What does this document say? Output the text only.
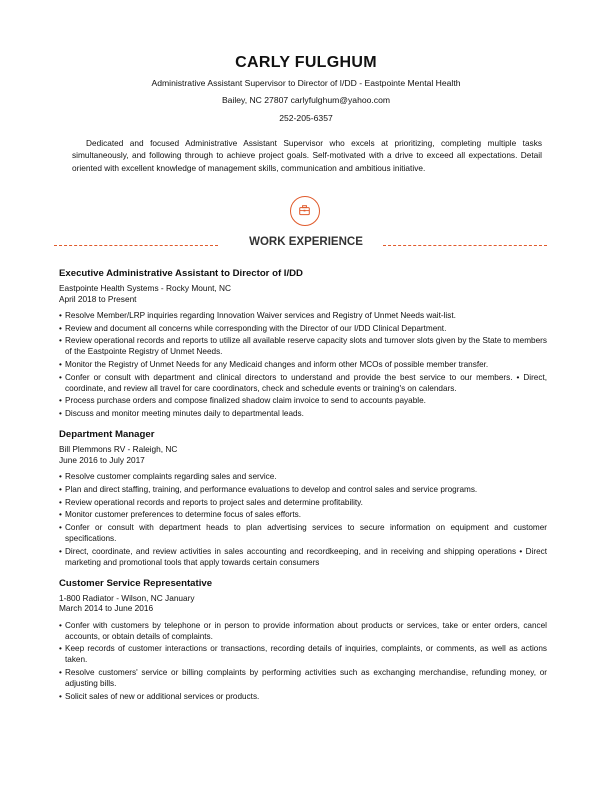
CARLY FULGHUM
Administrative Assistant Supervisor to Director of I/DD - Eastpointe Mental Health
Bailey, NC 27807 carlyfulghum@yahoo.com
252-205-6357
Dedicated and focused Administrative Assistant Supervisor who excels at prioritizing, completing multiple tasks simultaneously, and following through to achieve project goals. Self-motivated with a drive to exceed all expectations. Detail oriented with excellent knowledge of management skills, communication and ambitious initiative.
WORK EXPERIENCE
Executive Administrative Assistant to Director of I/DD
Eastpointe Health Systems - Rocky Mount, NC
April 2018 to Present
• Resolve Member/LRP inquiries regarding Innovation Waiver services and Registry of Unmet Needs wait-list.
• Review and document all concerns while corresponding with the Director of our I/DD Clinical Department.
• Review operational records and reports to utilize all available reserve capacity slots and turnover slots given by the State to members of the Eastpointe Registry of Unmet Needs.
• Monitor the Registry of Unmet Needs for any Medicaid changes and inform other MCOs of possible member transfer.
• Confer or consult with department and clinical directors to understand and provide the best service to our members. • Direct, coordinate, and review all travel for care coordinators, check and schedule events or training's on calendars.
• Process purchase orders and compose finalized shadow claim invoice to send to accounts payable.
• Discuss and monitor meeting minutes daily to departmental leads.
Department Manager
Bill Plemmons RV - Raleigh, NC
June 2016 to July 2017
• Resolve customer complaints regarding sales and service.
• Plan and direct staffing, training, and performance evaluations to develop and control sales and service programs.
• Review operational records and reports to project sales and determine profitability.
• Monitor customer preferences to determine focus of sales efforts.
• Confer or consult with department heads to plan advertising services to secure information on equipment and customer specifications.
• Direct, coordinate, and review activities in sales accounting and recordkeeping, and in receiving and shipping operations • Direct marketing and promotional tools that apply towards certain consumers
Customer Service Representative
1-800 Radiator - Wilson, NC January
March 2014 to June 2016
• Confer with customers by telephone or in person to provide information about products or services, take or enter orders, cancel accounts, or obtain details of complaints.
• Keep records of customer interactions or transactions, recording details of inquiries, complaints, or comments, as well as actions taken.
• Resolve customers' service or billing complaints by performing activities such as exchanging merchandise, refunding money, or adjusting bills.
• Solicit sales of new or additional services or products.
